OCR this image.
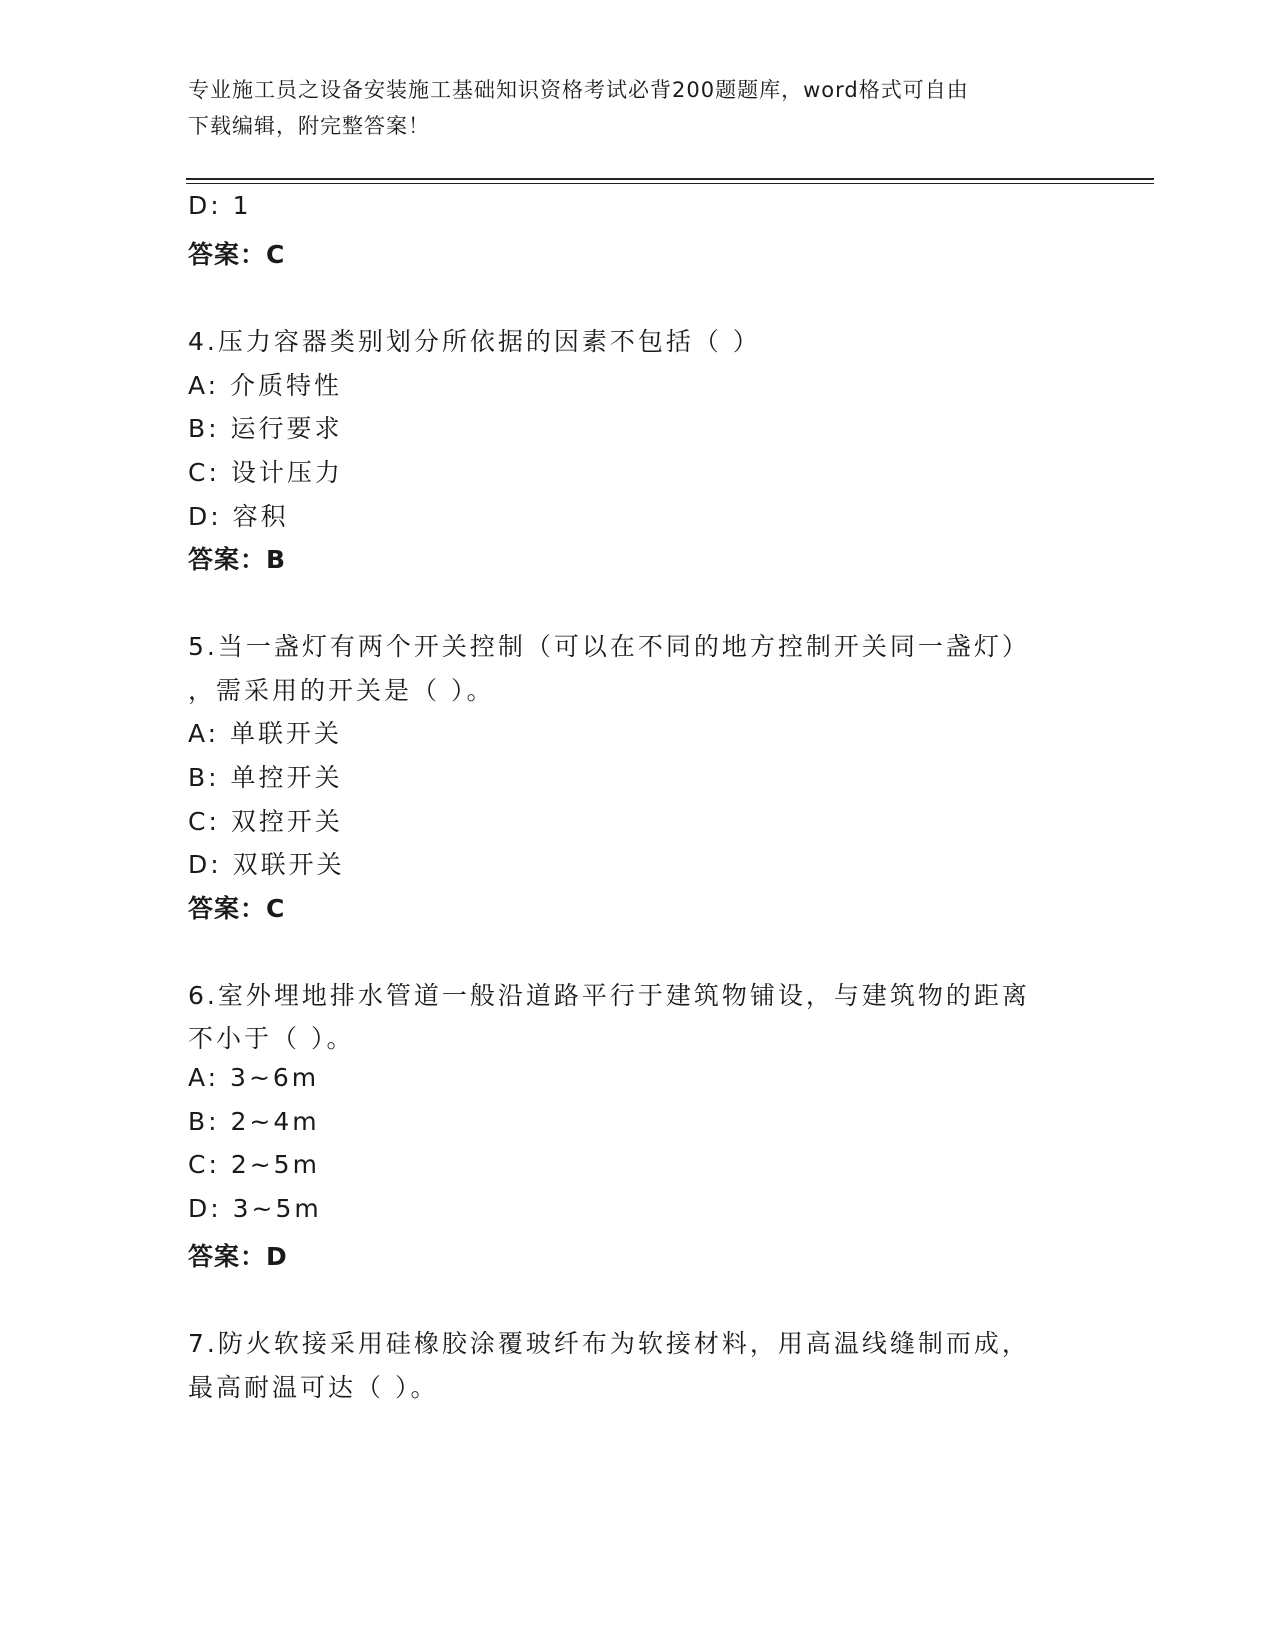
专业施工员之设备安装施工基础知识资格考试必背200题题库，word格式可自由
下载编辑，附完整答案！
D: 1
答案：C
4.压力容器类别划分所依据的因素不包括（ ）
A: 介质特性
B: 运行要求
C: 设计压力
D: 容积
答案：B
5.当一盏灯有两个开关控制（可以在不同的地方控制开关同一盏灯）
，需采用的开关是（ ）。
A: 单联开关
B: 单控开关
C: 双控开关
D: 双联开关
答案：C
6.室外埋地排水管道一般沿道路平行于建筑物铺设，与建筑物的距离
不小于（ ）。
A: 3~6m
B: 2~4m
C: 2~5m
D: 3~5m
答案：D
7.防火软接采用硅橡胶涂覆玻纤布为软接材料，用高温线缝制而成，
最高耐温可达（ ）。
